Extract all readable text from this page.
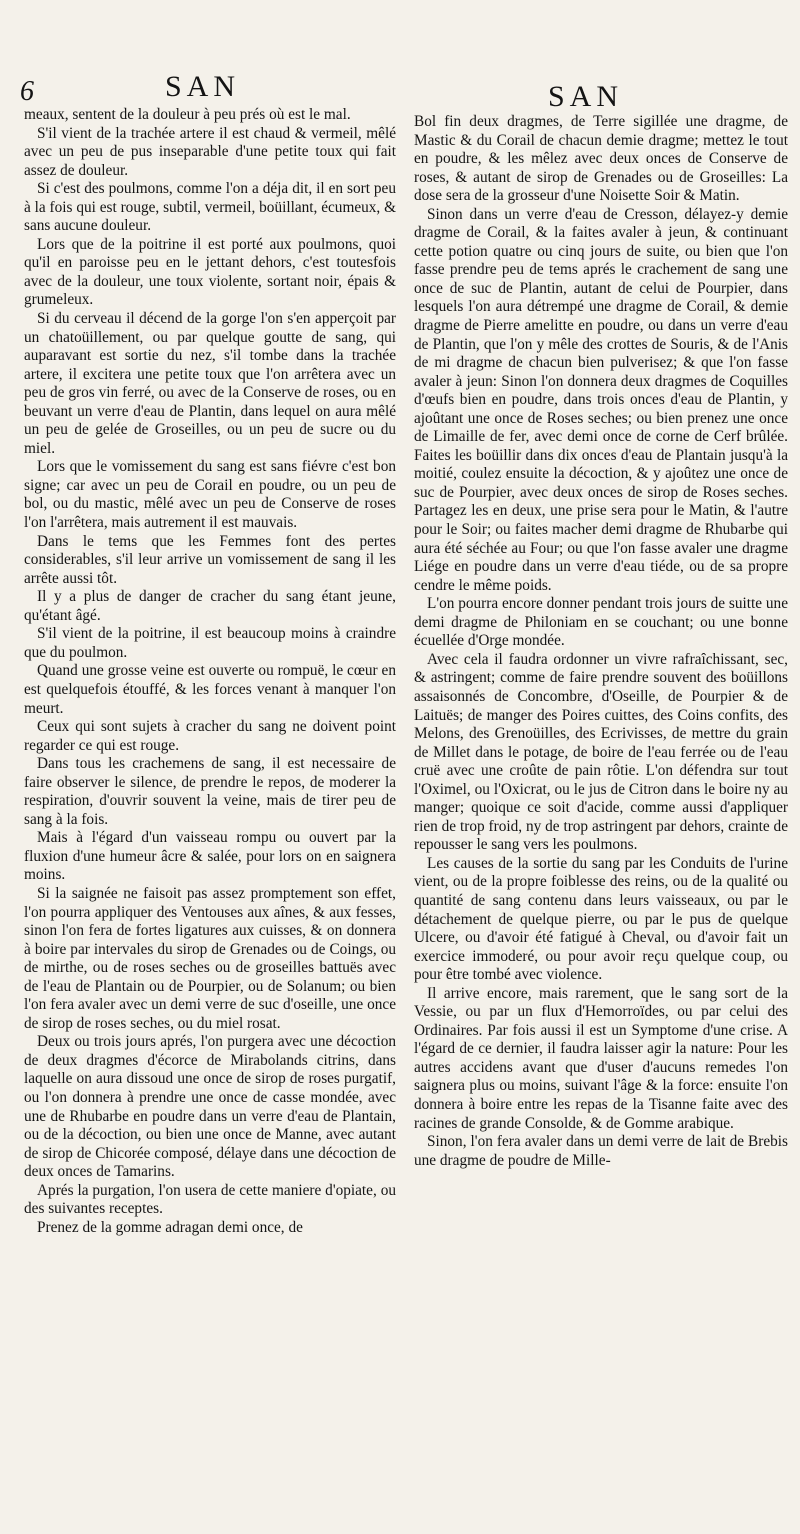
6	SAN	SAN

meaux, sentent de la douleur à peu prés où est le mal.

S'il vient de la trachée artere il est chaud & vermeil, mêlé avec un peu de pus inseparable d'une petite toux qui fait assez de douleur.

Si c'est des poulmons, comme l'on a déja dit, il en sort peu à la fois qui est rouge, subtil, vermeil, boüillant, écumeux, & sans aucune douleur.

Lors que de la poitrine il est porté aux poulmons, quoi qu'il en paroisse peu en le jettant dehors, c'est toutesfois avec de la douleur, une toux violente, sortant noir, épais & grumeleux.

Si du cerveau il décend de la gorge l'on s'en apperçoit par un chatoüillement, ou par quelque goutte de sang, qui auparavant est sortie du nez, s'il tombe dans la trachée artere, il excitera une petite toux que l'on arrêtera avec un peu de gros vin ferré, ou avec de la Conserve de roses, ou en beuvant un verre d'eau de Plantin, dans lequel on aura mêlé un peu de gelée de Groseilles, ou un peu de sucre ou du miel.

Lors que le vomissement du sang est sans fiévre c'est bon signe; car avec un peu de Corail en poudre, ou un peu de bol, ou du mastic, mêlé avec un peu de Conserve de roses l'on l'arrêtera, mais autrement il est mauvais.

Dans le tems que les Femmes font des pertes considerables, s'il leur arrive un vomissement de sang il les arrête aussi tôt.

Il y a plus de danger de cracher du sang étant jeune, qu'étant âgé.

S'il vient de la poitrine, il est beaucoup moins à craindre que du poulmon.

Quand une grosse veine est ouverte ou rompuë, le cœur en est quelquefois étouffé, & les forces venant à manquer l'on meurt.

Ceux qui sont sujets à cracher du sang ne doivent point regarder ce qui est rouge.

Dans tous les crachemens de sang, il est necessaire de faire observer le silence, de prendre le repos, de moderer la respiration, d'ouvrir souvent la veine, mais de tirer peu de sang à la fois.

Mais à l'égard d'un vaisseau rompu ou ouvert par la fluxion d'une humeur âcre & salée, pour lors on en saignera moins.

Si la saignée ne faisoit pas assez promptement son effet, l'on pourra appliquer des Ventouses aux aînes, & aux fesses, sinon l'on fera de fortes ligatures aux cuisses, & on donnera à boire par intervales du sirop de Grenades ou de Coings, ou de mirthe, ou de roses seches ou de groseilles battuës avec de l'eau de Plantain ou de Pourpier, ou de Solanum; ou bien l'on fera avaler avec un demi verre de suc d'oseille, une once de sirop de roses seches, ou du miel rosat.

Deux ou trois jours aprés, l'on purgera avec une décoction de deux dragmes d'écorce de Mirabolands citrins, dans laquelle on aura dissoud une once de sirop de roses purgatif, ou l'on donnera à prendre une once de casse mondée, avec une de Rhubarbe en poudre dans un verre d'eau de Plantain, ou de la décoction, ou bien une once de Manne, avec autant de sirop de Chicorée composé, délaye dans une décoction de deux onces de Tamarins.

Aprés la purgation, l'on usera de cette maniere d'opiate, ou des suivantes receptes.

Prenez de la gomme adragan demi once, de

Bol fin deux dragmes, de Terre sigillée une dragme, de Mastic & du Corail de chacun demie dragme; mettez le tout en poudre, & les mêlez avec deux onces de Conserve de roses, & autant de sirop de Grenades ou de Groseilles: La dose sera de la grosseur d'une Noisette Soir & Matin.

Sinon dans un verre d'eau de Cresson, délayez-y demie dragme de Corail, & la faites avaler à jeun, & continuant cette potion quatre ou cinq jours de suite, ou bien que l'on fasse prendre peu de tems aprés le crachement de sang une once de suc de Plantin, autant de celui de Pourpier, dans lesquels l'on aura détrempé une dragme de Corail, & demie dragme de Pierre amelitte en poudre, ou dans un verre d'eau de Plantin, que l'on y mêle des crottes de Souris, & de l'Anis de mi dragme de chacun bien pulverisez; & que l'on fasse avaler à jeun: Sinon l'on donnera deux dragmes de Coquilles d'œufs bien en poudre, dans trois onces d'eau de Plantin, y ajoûtant une once de Roses seches; ou bien prenez une once de Limaille de fer, avec demi once de corne de Cerf brûlée. Faites les boüillir dans dix onces d'eau de Plantain jusqu'à la moitié, coulez ensuite la décoction, & y ajoûtez une once de suc de Pourpier, avec deux onces de sirop de Roses seches. Partagez les en deux, une prise sera pour le Matin, & l'autre pour le Soir; ou faites macher demi dragme de Rhubarbe qui aura été séchée au Four; ou que l'on fasse avaler une dragme Liége en poudre dans un verre d'eau tiéde, ou de sa propre cendre le même poids.

L'on pourra encore donner pendant trois jours de suitte une demi dragme de Philoniam en se couchant; ou une bonne écuellée d'Orge mondée.

Avec cela il faudra ordonner un vivre rafraîchissant, sec, & astringent; comme de faire prendre souvent des boüillons assaisonnés de Concombre, d'Oseille, de Pourpier & de Laituës; de manger des Poires cuittes, des Coins confits, des Melons, des Grenoüilles, des Ecrivisses, de mettre du grain de Millet dans le potage, de boire de l'eau ferrée ou de l'eau cruë avec une croûte de pain rôtie. L'on défendra sur tout l'Oximel, ou l'Oxicrat, ou le jus de Citron dans le boire ny au manger; quoique ce soit d'acide, comme aussi d'appliquer rien de trop froid, ny de trop astringent par dehors, crainte de repousser le sang vers les poulmons.

Les causes de la sortie du sang par les Conduits de l'urine vient, ou de la propre foiblesse des reins, ou de la qualité ou quantité de sang contenu dans leurs vaisseaux, ou par le détachement de quelque pierre, ou par le pus de quelque Ulcere, ou d'avoir été fatigué à Cheval, ou d'avoir fait un exercice immoderé, ou pour avoir reçu quelque coup, ou pour être tombé avec violence.

Il arrive encore, mais rarement, que le sang sort de la Vessie, ou par un flux d'Hemorroïdes, ou par celui des Ordinaires. Par fois aussi il est un Symptome d'une crise. A l'égard de ce dernier, il faudra laisser agir la nature: Pour les autres accidens avant que d'user d'aucuns remedes l'on saignera plus ou moins, suivant l'âge & la force: ensuite l'on donnera à boire entre les repas de la Tisanne faite avec des racines de grande Consolde, & de Gomme arabique.

Sinon, l'on fera avaler dans un demi verre de lait de Brebis une dragme de poudre de Mille-
